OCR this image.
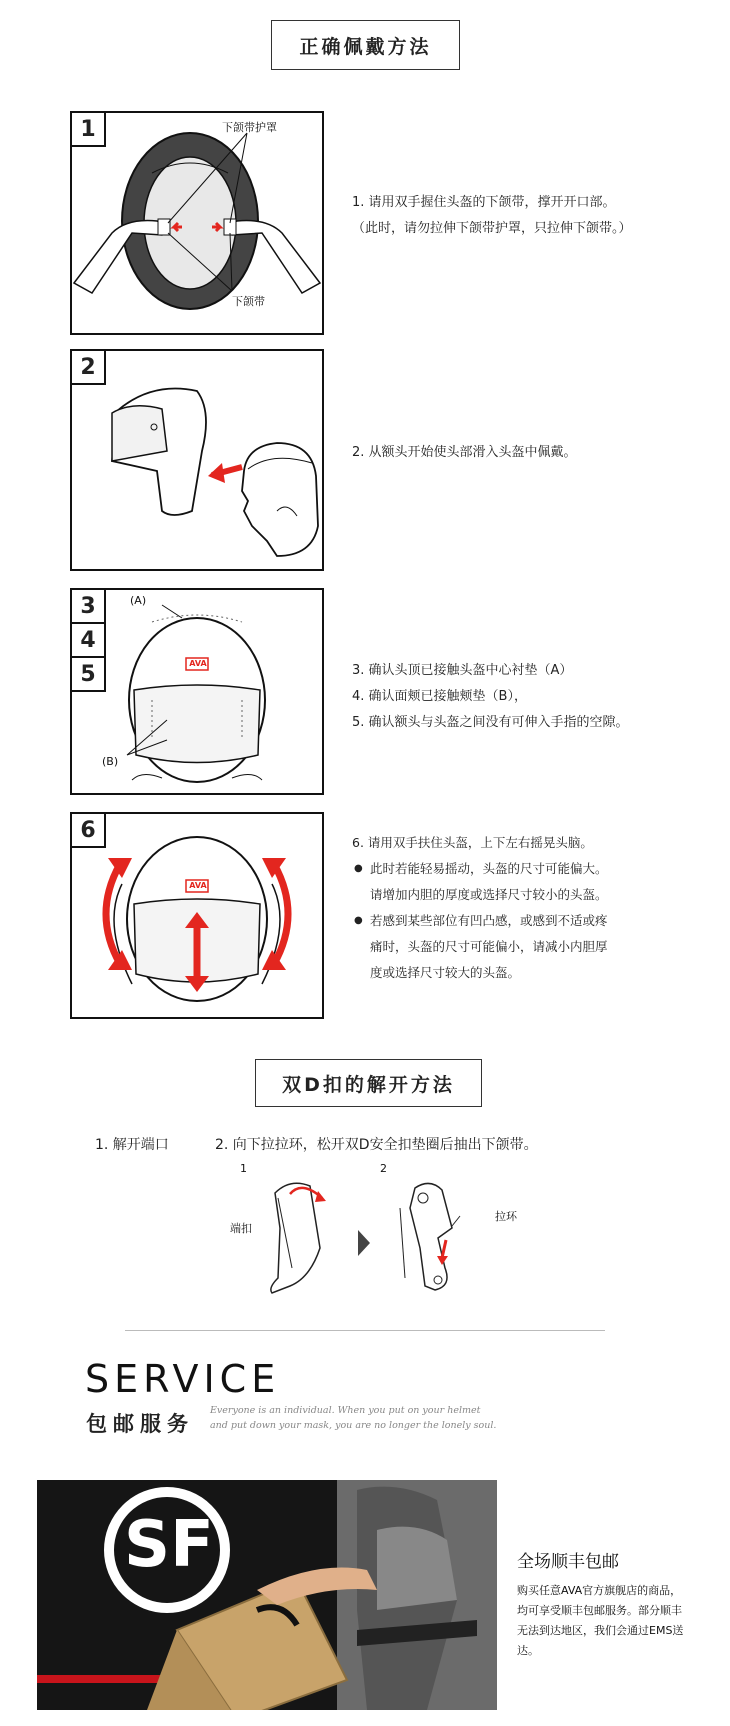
正确佩戴方法
1	下颌带护罩
下颌带
1. 请用双手握住头盔的下颌带，撑开开口部。
（此时，请勿拉伸下颌带护罩，只拉伸下颌带。）
2
2. 从额头开始使头部滑入头盔中佩戴。
3
4
5
(A)
(B)
AVA	3. 确认头顶已接触头盔中心衬垫（A）
4. 确认面颊已接触颊垫（B），
5. 确认额头与头盔之间没有可伸入手指的空隙。
6
AVA
6. 请用双手扶住头盔，上下左右摇晃头脑。
● 此时若能轻易摇动，头盔的尺寸可能偏大。
请增加内胆的厚度或选择尺寸较小的头盔。
● 若感到某些部位有凹凸感，或感到不适或疼
痛时，头盔的尺寸可能偏小，请减小内胆厚
度或选择尺寸较大的头盔。
双D扣的解开方法
1. 解开端口	2. 向下拉拉环，松开双D安全扣垫圈后抽出下颌带。
1
端扣
2
拉环
SERVICE
包邮服务
Everyone is an individual. When you put on your helmet and put down your mask, you are no longer the lonely soul.
SF	全场顺丰包邮
购买任意AVA官方旗舰店的商品，均可享受顺丰包邮服务。部分顺丰无法到达地区，我们会通过EMS送达。
